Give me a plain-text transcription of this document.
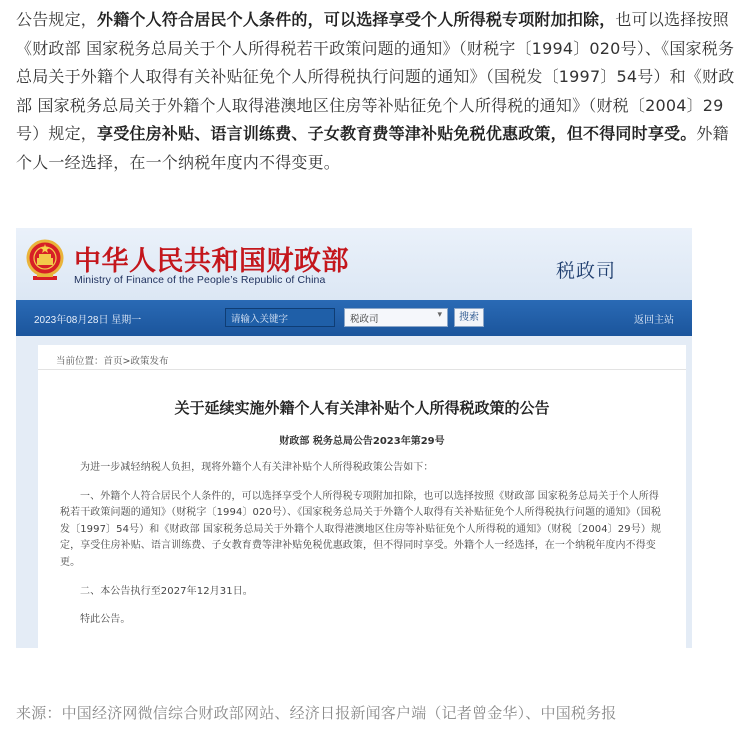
公告规定，外籍个人符合居民个人条件的，可以选择享受个人所得税专项附加扣除，也可以选择按照《财政部 国家税务总局关于个人所得税若干政策问题的通知》（财税字〔1994〕020号）、《国家税务总局关于外籍个人取得有关补贴征免个人所得税执行问题的通知》（国税发〔1997〕54号）和《财政部 国家税务总局关于外籍个人取得港澳地区住房等补贴征免个人所得税的通知》（财税〔2004〕29号）规定，享受住房补贴、语言训练费、子女教育费等津补贴免税优惠政策，但不得同时享受。外籍个人一经选择，在一个纳税年度内不得变更。
中华人民共和国财政部
Ministry of Finance of the People’s Republic of China	税政司
2023年08月28日 星期一	请输入关键字	税政司	▾	搜索	返回主站
当前位置：首页>政策发布
关于延续实施外籍个人有关津补贴个人所得税政策的公告
财政部 税务总局公告2023年第29号

为进一步减轻纳税人负担，现将外籍个人有关津补贴个人所得税政策公告如下：

一、外籍个人符合居民个人条件的，可以选择享受个人所得税专项附加扣除，也可以选择按照《财政部 国家税务总局关于个人所得税若干政策问题的通知》（财税字〔1994〕020号）、《国家税务总局关于外籍个人取得有关补贴征免个人所得税执行问题的通知》（国税发〔1997〕54号）和《财政部 国家税务总局关于外籍个人取得港澳地区住房等补贴征免个人所得税的通知》（财税〔2004〕29号）规定，享受住房补贴、语言训练费、子女教育费等津补贴免税优惠政策，但不得同时享受。外籍个人一经选择，在一个纳税年度内不得变更。

二、本公告执行至2027年12月31日。

特此公告。

来源：中国经济网微信综合财政部网站、经济日报新闻客户端（记者曾金华）、中国税务报
